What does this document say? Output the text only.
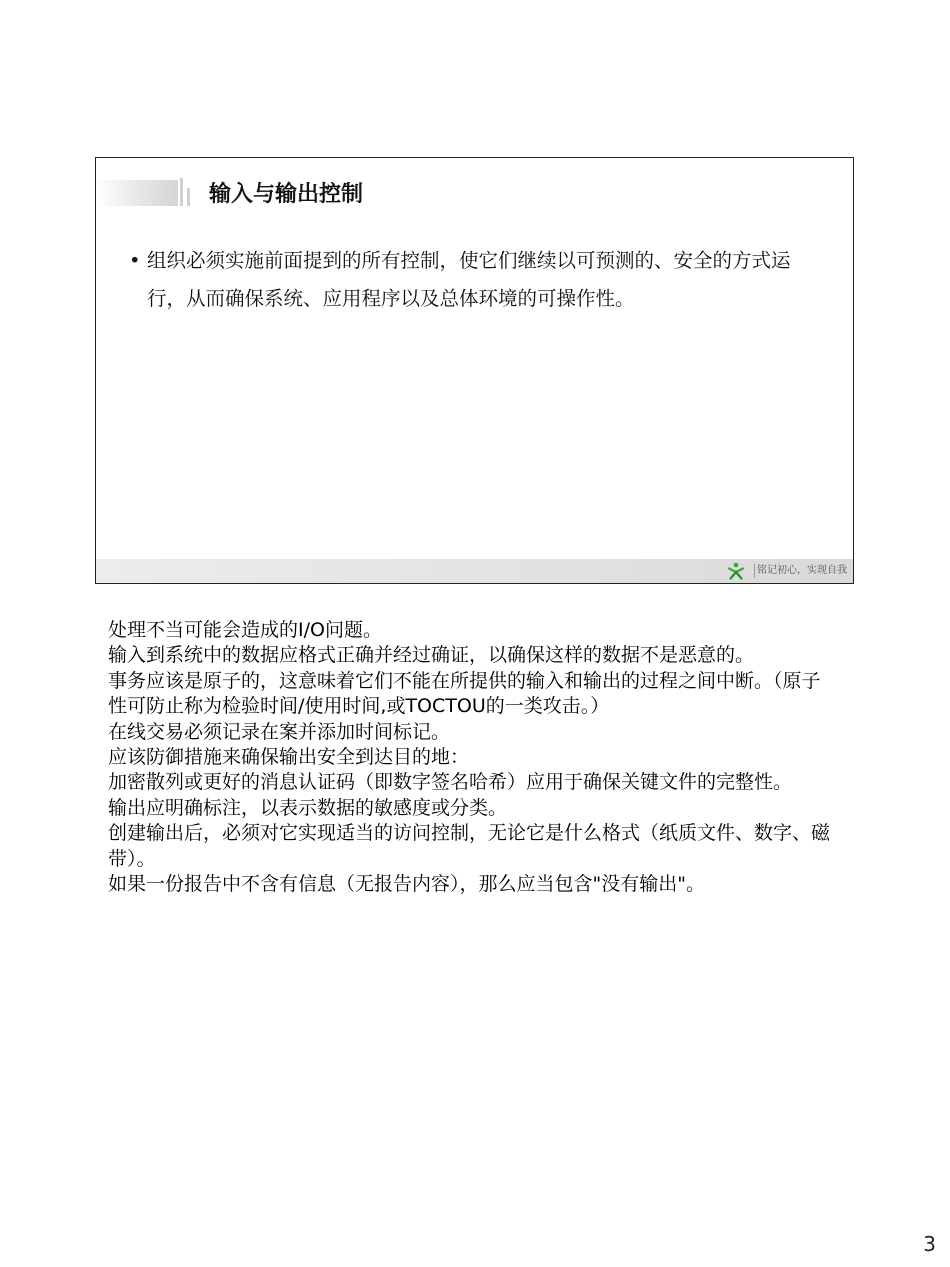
输入与输出控制
• 组织必须实施前面提到的所有控制，使它们继续以可预测的、安全的方式运行，从而确保系统、应用程序以及总体环境的可操作性。
铭记初心，实现自我
处理不当可能会造成的I/O问题。
输入到系统中的数据应格式正确并经过确证，以确保这样的数据不是恶意的。
事务应该是原子的，这意味着它们不能在所提供的输入和输出的过程之间中断。（原子性可防止称为检验时间/使用时间,或TOCTOU的一类攻击。）
在线交易必须记录在案并添加时间标记。
应该防御措施来确保输出安全到达目的地：
加密散列或更好的消息认证码（即数字签名哈希）应用于确保关键文件的完整性。
输出应明确标注，以表示数据的敏感度或分类。
创建输出后，必须对它实现适当的访问控制，无论它是什么格式（纸质文件、数字、磁带）。
如果一份报告中不含有信息（无报告内容），那么应当包含"没有输出"。
3
